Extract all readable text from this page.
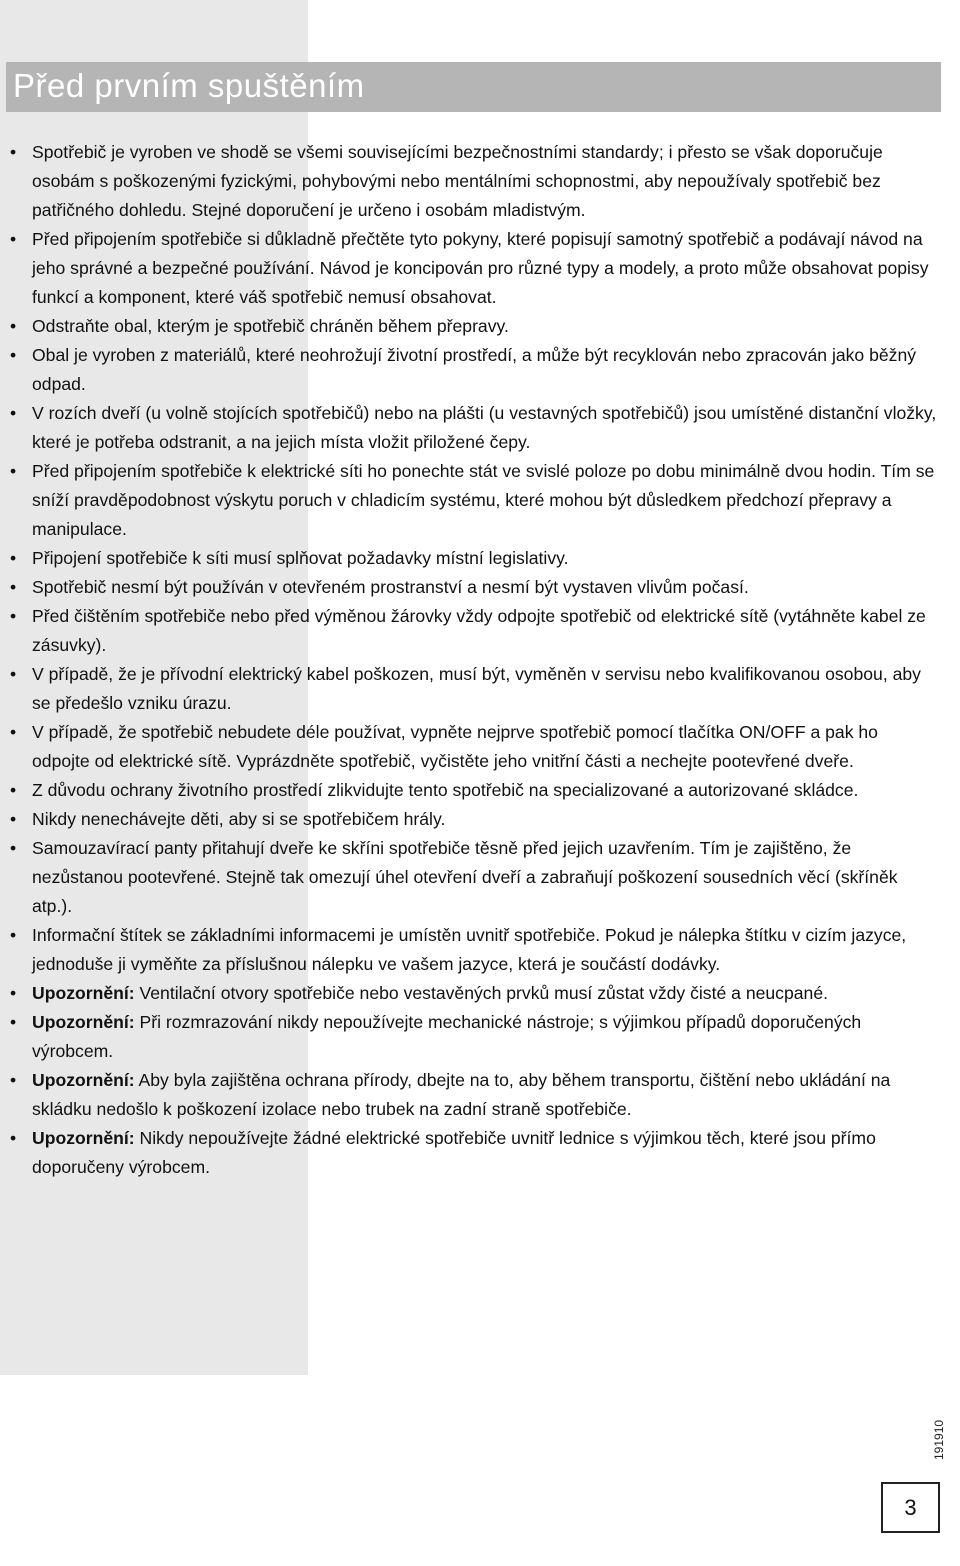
Před prvním spuštěním
• Spotřebič je vyroben ve shodě se všemi souvisejícími bezpečnostními standardy; i přesto se však doporučuje osobám s poškozenými fyzickými, pohybovými nebo mentálními schopnostmi, aby nepoužívaly spotřebič bez patřičného dohledu. Stejné doporučení je určeno i osobám mladistvým.
• Před připojením spotřebiče si důkladně přečtěte tyto pokyny, které popisují samotný spotřebič a podávají návod na jeho správné a bezpečné používání. Návod je koncipován pro různé typy a modely, a proto může obsahovat popisy funkcí a komponent, které váš spotřebič nemusí obsahovat.
• Odstraňte obal, kterým je spotřebič chráněn během přepravy.
• Obal je vyroben z materiálů, které neohrožují životní prostředí, a může být recyklován nebo zpracován jako běžný odpad.
• V rozích dveří (u volně stojících spotřebičů) nebo na plášti (u vestavných spotřebičů) jsou umístěné distanční vložky, které je potřeba odstranit, a na jejich místa vložit přiložené čepy.
• Před připojením spotřebiče k elektrické síti ho ponechte stát ve svislé poloze po dobu minimálně dvou hodin. Tím se sníží pravděpodobnost výskytu poruch v chladicím systému, které mohou být důsledkem předchozí přepravy a manipulace.
• Připojení spotřebiče k síti musí splňovat požadavky místní legislativy.
• Spotřebič nesmí být používán v otevřeném prostranství a nesmí být vystaven vlivům počasí.
• Před čištěním spotřebiče nebo před výměnou žárovky vždy odpojte spotřebič od elektrické sítě (vytáhněte kabel ze zásuvky).
• V případě, že je přívodní elektrický kabel poškozen, musí být, vyměněn v servisu nebo kvalifikovanou osobou, aby se předešlo vzniku úrazu.
• V případě, že spotřebič nebudete déle používat, vypněte nejprve spotřebič pomocí tlačítka ON/OFF a pak ho odpojte od elektrické sítě. Vyprázdněte spotřebič, vyčistěte jeho vnitřní části a nechejte pootevřené dveře.
• Z důvodu ochrany životního prostředí zlikvidujte tento spotřebič na specializované a autorizované skládce.
• Nikdy nenechávejte děti, aby si se spotřebičem hrály.
• Samouzavírací panty přitahují dveře ke skříni spotřebiče těsně před jejich uzavřením. Tím je zajištěno, že nezůstanou pootevřené. Stejně tak omezují úhel otevření dveří a zabraňují poškození sousedních věcí (skříněk atp.).
• Informační štítek se základními informacemi je umístěn uvnitř spotřebiče. Pokud je nálepka štítku v cizím jazyce, jednoduše ji vyměňte za příslušnou nálepku ve vašem jazyce, která je součástí dodávky.
• Upozornění: Ventilační otvory spotřebiče nebo vestavěných prvků musí zůstat vždy čisté a neucpané.
• Upozornění: Při rozmrazování nikdy nepoužívejte mechanické nástroje; s výjimkou případů doporučených výrobcem.
• Upozornění: Aby byla zajištěna ochrana přírody, dbejte na to, aby během transportu, čištění nebo ukládání na skládku nedošlo k poškození izolace nebo trubek na zadní straně spotřebiče.
• Upozornění: Nikdy nepoužívejte žádné elektrické spotřebiče uvnitř lednice s výjimkou těch, které jsou přímo doporučeny výrobcem.
191910
3
